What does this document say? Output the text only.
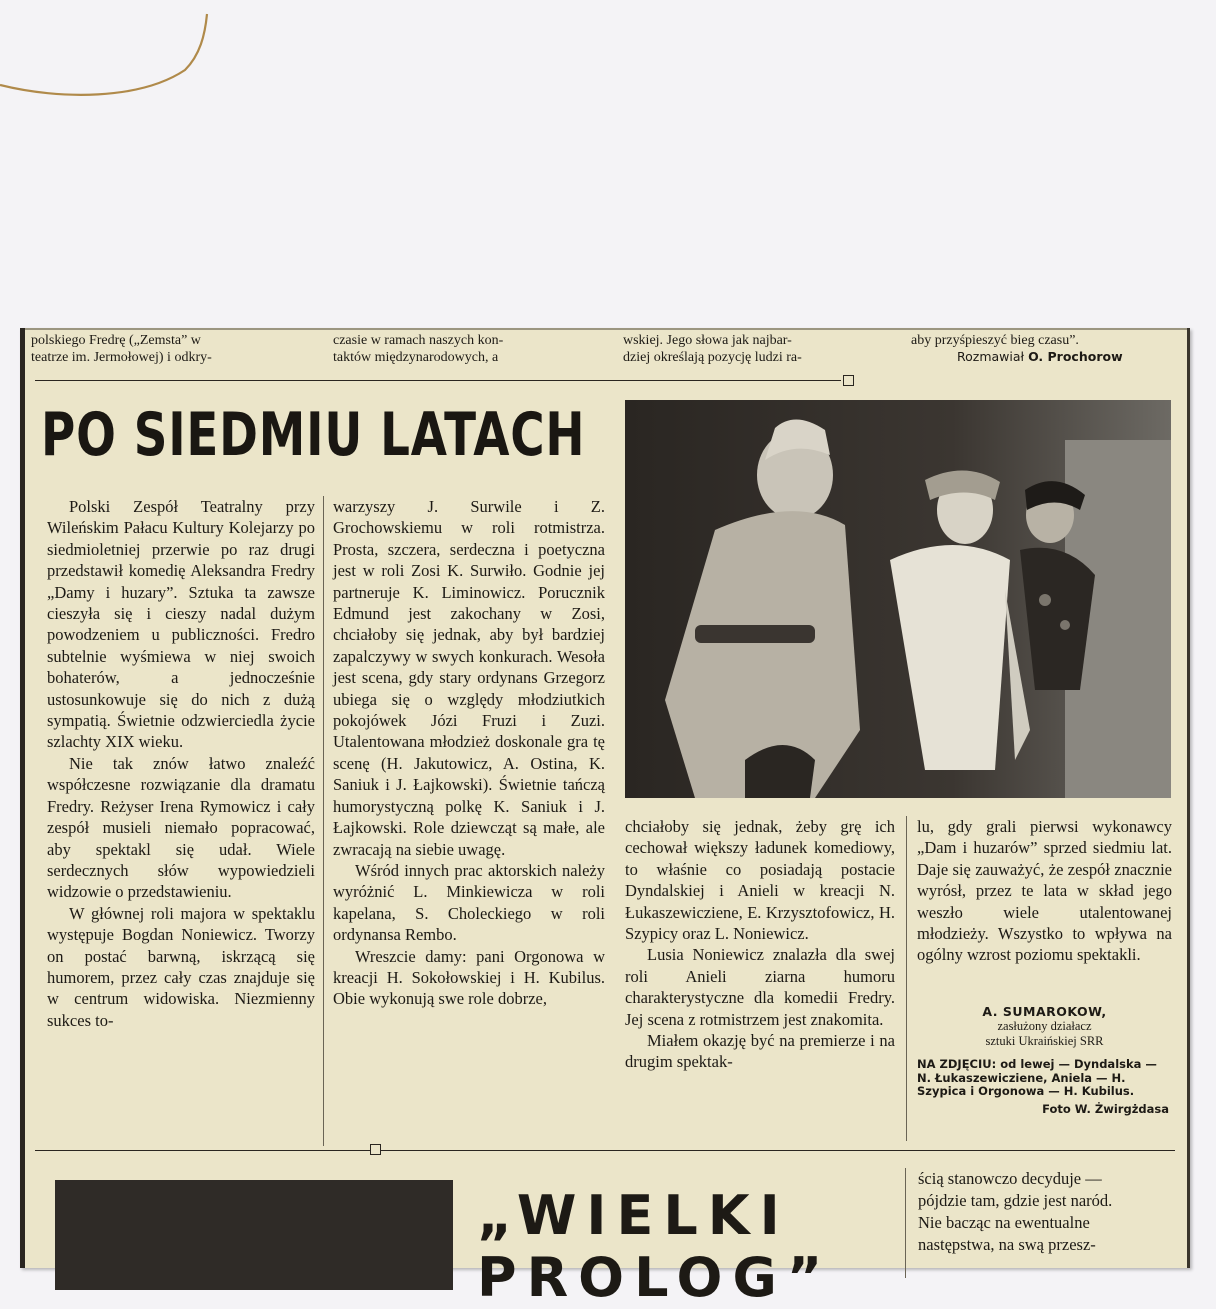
polskiego Fredrę („Zemsta” w
teatrze im. Jermołowej) i odkry-
czasie w ramach naszych kon-
taktów międzynarodowych, a
wskiej. Jego słowa jak najbar-
dziej określają pozycję ludzi ra-
aby przyśpieszyć bieg czasu”.
Rozmawiał O. Prochorow
PO SIEDMIU LATACH

Polski Zespół Teatralny przy Wileńskim Pałacu Kultury Kolejarzy po siedmioletniej przerwie po raz drugi przedstawił komedię Aleksandra Fredry „Damy i huzary”. Sztuka ta zawsze cieszyła się i cieszy nadal dużym powodzeniem u publiczności. Fredro subtelnie wyśmiewa w niej swoich bohaterów, a jednocześnie ustosunkowuje się do nich z dużą sympatią. Świetnie odzwierciedla życie szlachty XIX wieku.

Nie tak znów łatwo znaleźć współczesne rozwiązanie dla dramatu Fredry. Reżyser Irena Rymowicz i cały zespół musieli niemało popracować, aby spektakl się udał. Wiele serdecznych słów wypowiedzieli widzowie o przedstawieniu.

W głównej roli majora w spektaklu występuje Bogdan Noniewicz. Tworzy on postać barwną, iskrzącą się humorem, przez cały czas znajduje się w centrum widowiska. Niezmienny sukces to-

warzyszy J. Surwile i Z. Grochowskiemu w roli rotmistrza. Prosta, szczera, serdeczna i poetyczna jest w roli Zosi K. Surwiło. Godnie jej partneruje K. Liminowicz. Porucznik Edmund jest zakochany w Zosi, chciałoby się jednak, aby był bardziej zapalczywy w swych konkurach. Wesoła jest scena, gdy stary ordynans Grzegorz ubiega się o względy młodziutkich pokojówek Józi Fruzi i Zuzi. Utalentowana młodzież doskonale gra tę scenę (H. Jakutowicz, A. Ostina, K. Saniuk i J. Łajkowski). Świetnie tańczą humorystyczną polkę K. Saniuk i J. Łajkowski. Role dziewcząt są małe, ale zwracają na siebie uwagę.

Wśród innych prac aktorskich należy wyróżnić L. Minkiewicza w roli kapelana, S. Choleckiego w roli ordynansa Rembo.

Wreszcie damy: pani Orgonowa w kreacji H. Sokołowskiej i H. Kubilus. Obie wykonują swe role dobrze,

chciałoby się jednak, żeby grę ich cechował większy ładunek komediowy, to właśnie co posiadają postacie Dyndalskiej i Anieli w kreacji N. Łukaszewicziene, E. Krzysztofowicz, H. Szypicy oraz L. Noniewicz.

Lusia Noniewicz znalazła dla swej roli Anieli ziarna humoru charakterystyczne dla komedii Fredry. Jej scena z rotmistrzem jest znakomita.

Miałem okazję być na premierze i na drugim spektak-

lu, gdy grali pierwsi wykonawcy „Dam i huzarów” sprzed siedmiu lat. Daje się zauważyć, że zespół znacznie wyrósł, przez te lata w skład jego weszło wiele utalentowanej młodzieży. Wszystko to wpływa na ogólny wzrost poziomu spektakli.

A. SUMAROKOW,
zasłużony działacz
sztuki Ukraińskiej SRR
NA ZDJĘCIU: od lewej — Dyndalska — N. Łukaszewicziene, Aniela — H. Szypica i Orgonowa — H. Kubilus.
Foto W. Żwirgżdasa
„WIELKI
PROLOG”
ścią stanowczo decyduje —
pójdzie tam, gdzie jest naród.
Nie bacząc na ewentualne
następstwa, na swą przesz-
